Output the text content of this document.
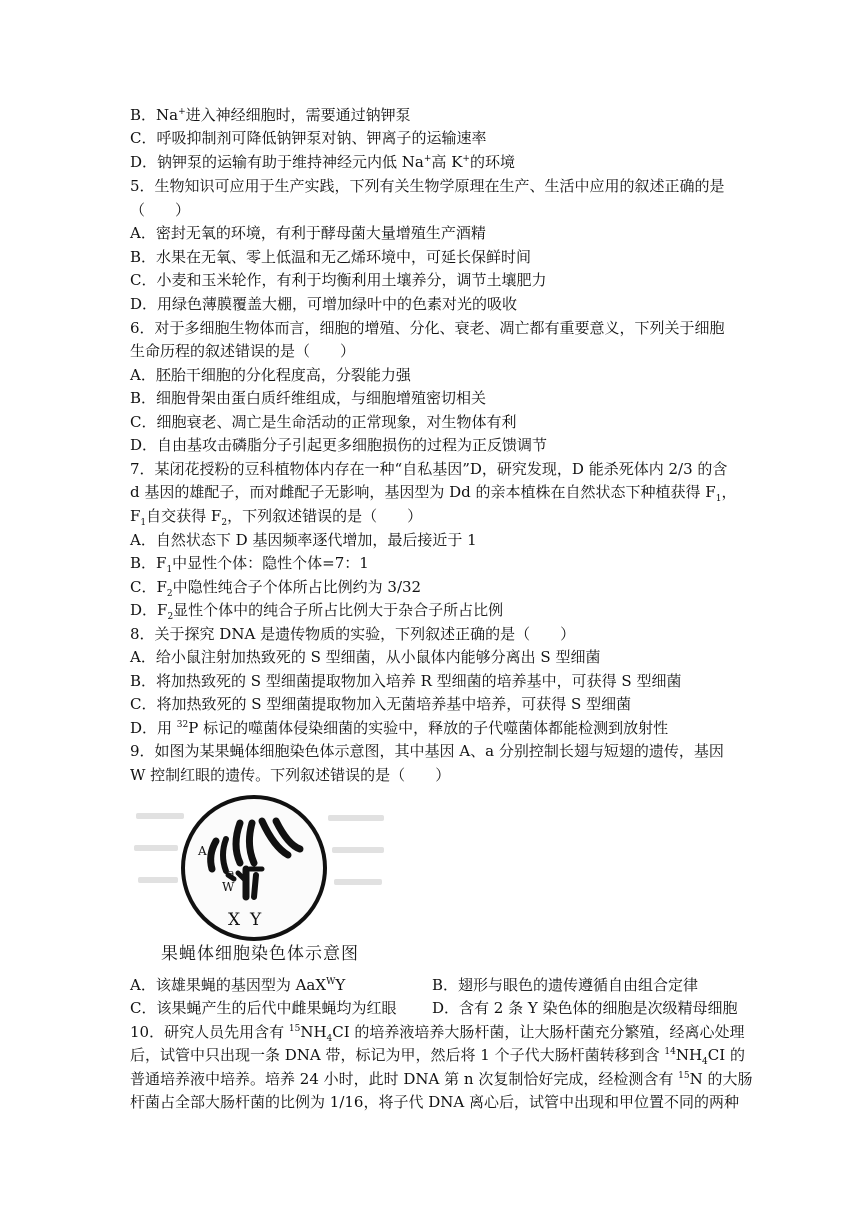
B．Na+进入神经细胞时，需要通过钠钾泵
C．呼吸抑制剂可降低钠钾泵对钠、钾离子的运输速率
D．钠钾泵的运输有助于维持神经元内低 Na+高 K+的环境
5．生物知识可应用于生产实践，下列有关生物学原理在生产、生活中应用的叙述正确的是
（　　）
A．密封无氧的环境，有利于酵母菌大量增殖生产酒精
B．水果在无氧、零上低温和无乙烯环境中，可延长保鲜时间
C．小麦和玉米轮作，有利于均衡利用土壤养分，调节土壤肥力
D．用绿色薄膜覆盖大棚，可增加绿叶中的色素对光的吸收
6．对于多细胞生物体而言，细胞的增殖、分化、衰老、凋亡都有重要意义，下列关于细胞
生命历程的叙述错误的是（　　）
A．胚胎干细胞的分化程度高，分裂能力强
B．细胞骨架由蛋白质纤维组成，与细胞增殖密切相关
C．细胞衰老、凋亡是生命活动的正常现象，对生物体有利
D．自由基攻击磷脂分子引起更多细胞损伤的过程为正反馈调节
7．某闭花授粉的豆科植物体内存在一种“自私基因”D，研究发现，D 能杀死体内 2/3 的含
d 基因的雄配子，而对雌配子无影响，基因型为 Dd 的亲本植株在自然状态下种植获得 $F_1$，
$F_1$自交获得 $F_2$，下列叙述错误的是（　　）
A．自然状态下 D 基因频率逐代增加，最后接近于 1
B．$F_1$中显性个体：隐性个体=7：1
C．$F_2$中隐性纯合子个体所占比例约为 3/32
D．$F_2$显性个体中的纯合子所占比例大于杂合子所占比例
8．关于探究 DNA 是遗传物质的实验，下列叙述正确的是（　　）
A．给小鼠注射加热致死的 S 型细菌，从小鼠体内能够分离出 S 型细菌
B．将加热致死的 S 型细菌提取物加入培养 R 型细菌的培养基中，可获得 S 型细菌
C．将加热致死的 S 型细菌提取物加入无菌培养基中培养，可获得 S 型细菌
D．用 $^{32}$P 标记的噬菌体侵染细菌的实验中，释放的子代噬菌体都能检测到放射性
9．如图为某果蝇体细胞染色体示意图，其中基因 A、a 分别控制长翅与短翅的遗传，基因
W 控制红眼的遗传。下列叙述错误的是（　　）
A
a
W
X Y
果蝇体细胞染色体示意图
A．该雄果蝇的基因型为 AaX$^W$Y	B．翅形与眼色的遗传遵循自由组合定律
C．该果蝇产生的后代中雌果蝇均为红眼 D．含有 2 条 Y 染色体的细胞是次级精母细胞
10．研究人员先用含有 $^{15}NH_4CI$ 的培养液培养大肠杆菌，让大肠杆菌充分繁殖，经离心处理
后，试管中只出现一条 DNA 带，标记为甲，然后将 1 个子代大肠杆菌转移到含 $^{14}NH_4CI$ 的
普通培养液中培养。培养 24 小时，此时 DNA 第 n 次复制恰好完成，经检测含有 $^{15}$N 的大肠
杆菌占全部大肠杆菌的比例为 1/16，将子代 DNA 离心后，试管中出现和甲位置不同的两种
